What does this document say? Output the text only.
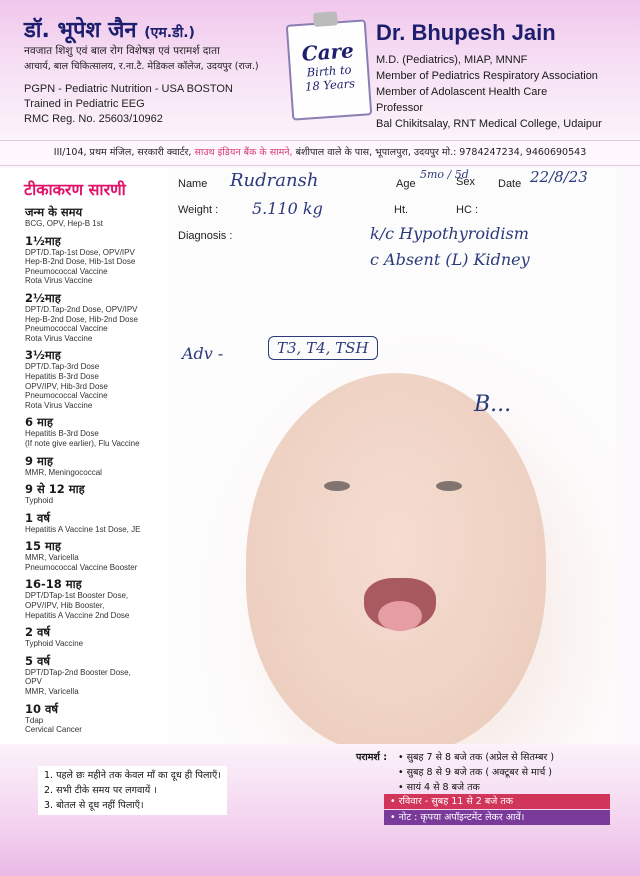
डॉ. भूपेश जैन (एम.डी.)
नवजात शिशु एवं बाल रोग विशेषज्ञ एवं परामर्श दाता
आचार्य, बाल चिकित्सालय, र.ना.टै. मेडिकल कॉलेज, उदयपुर (राज.)
PGPN - Pediatric Nutrition - USA BOSTON
Trained in Pediatric EEG
RMC Reg. No. 25603/10962
Care
Birth to
18 Years
Dr. Bhupesh Jain
M.D. (Pediatrics), MIAP, MNNF
Member of Pediatrics Respiratory Association
Member of Adolascent Health Care
Professor
Bal Chikitsalay, RNT Medical College, Udaipur
III/104, प्रथम मंजिल, सरकारी क्वार्टर, साउथ इंडियन बैंक के सामने, बंशीपाल वाले के पास, भूपालपुरा, उदयपुर मो.: 9784247234, 9460690543
टीकाकरण सारणी
जन्म के समय
BCG, OPV, Hep-B 1st
1½माह
DPT/D.Tap-1st Dose, OPV/IPV
Hep-B-2nd Dose, Hib-1st Dose
Pneumococcal Vaccine
Rota Virus Vaccine
2½माह
DPT/D.Tap-2nd Dose, OPV/IPV
Hep-B-2nd Dose, Hib-2nd Dose
Pneumococcal Vaccine
Rota Virus Vaccine
3½माह
DPT/D.Tap-3rd Dose
Hepatitis B-3rd Dose
OPV/IPV, Hib-3rd Dose
Pneumococcal Vaccine
Rota Virus Vaccine
6 माह
Hepatitis B-3rd Dose
(If note give earlier), Flu Vaccine
9 माह
MMR, Meningococcal
9 से 12 माह
Typhoid
1 वर्ष
Hepatitis A Vaccine 1st Dose, JE
15 माह
MMR, Varicella
Pneumococcal Vaccine Booster
16-18 माह
DPT/DTap-1st Booster Dose,
OPV/IPV, Hib Booster,
Hepatitis A Vaccine 2nd Dose
2 वर्ष
Typhoid Vaccine
5 वर्ष
DPT/DTap-2nd Booster Dose,
OPV
MMR, Varicella
10 वर्ष
Tdap
Cervical Cancer
Name Rudransh	Age
5mo / 5d
Sex Date 22/8/23
Weight : 5.110 kg	Ht.	HC :
Diagnosis :	k/c Hypothyroidism
c Absent (L) Kidney
Adv -	T3, T4, TSH
B...
1. पहले छः महीने तक केवल माँ का दूध ही पिलाएँ।
2. सभी टीके समय पर लगवायें ।
3. बोतल से दूध नहीं पिलाएँ।
परामर्श : • सुबह 7 से 8 बजे तक (अप्रेल से सितम्बर )
• सुबह 8 से 9 बजे तक ( अक्टूबर से मार्च )
• सायं 4 से 8 बजे तक
• रविवार - सुबह 11 से 2 बजे तक
• नोट : कृपया अपॉइन्टमेंट लेकर आवें।
